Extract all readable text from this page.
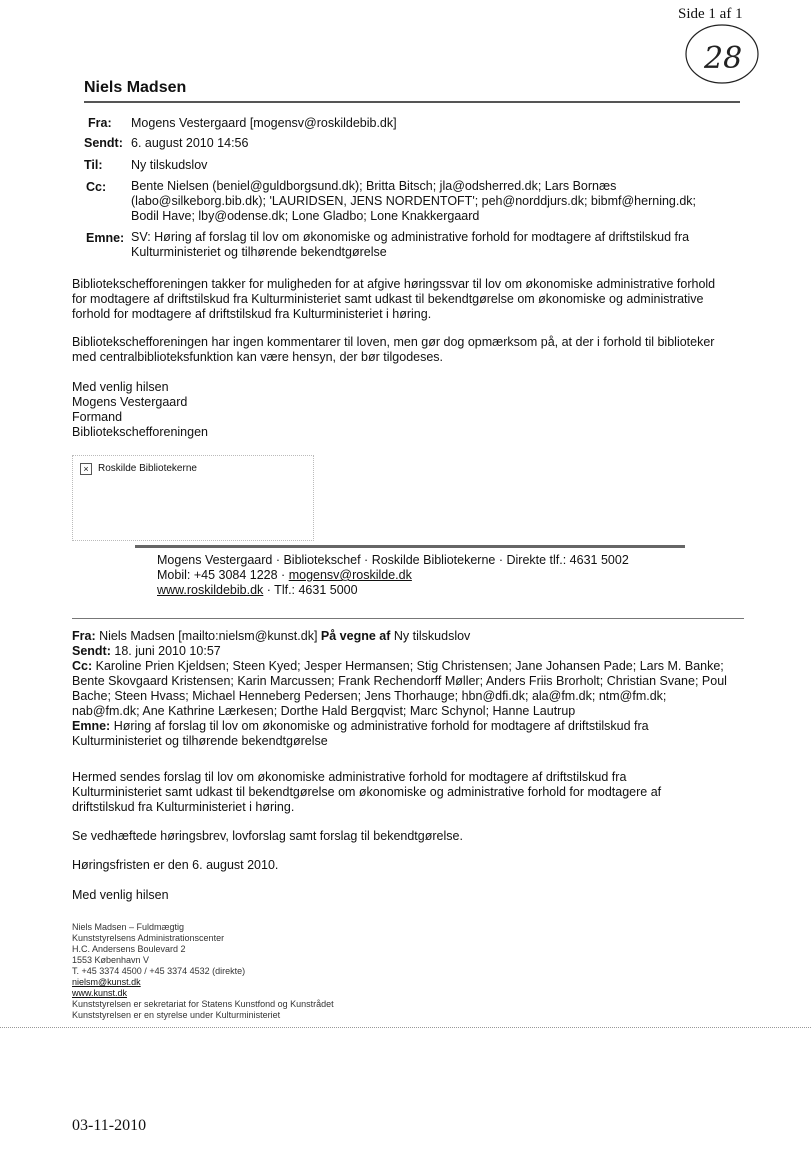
Side 1 af 1
28
Niels Madsen
Fra: Mogens Vestergaard [mogensv@roskildebib.dk]
Sendt: 6. august 2010 14:56
Til: Ny tilskudslov
Cc: Bente Nielsen (beniel@guldborgsund.dk); Britta Bitsch; jla@odsherred.dk; Lars Bornæs
(labo@silkeborg.bib.dk); 'LAURIDSEN, JENS NORDENTOFT'; peh@norddjurs.dk; bibmf@herning.dk;
Bodil Have; lby@odense.dk; Lone Gladbo; Lone Knakkergaard
Emne: SV: Høring af forslag til lov om økonomiske og administrative forhold for modtagere af driftstilskud fra
Kulturministeriet og tilhørende bekendtgørelse
Bibliotekschefforeningen takker for muligheden for at afgive høringssvar til lov om økonomiske administrative forhold
for modtagere af driftstilskud fra Kulturministeriet samt udkast til bekendtgørelse om økonomiske og administrative
forhold for modtagere af driftstilskud fra Kulturministeriet i høring.
Bibliotekschefforeningen har ingen kommentarer til loven, men gør dog opmærksom på, at der i forhold til biblioteker
med centralbiblioteksfunktion kan være hensyn, der bør tilgodeses.
Med venlig hilsen
Mogens Vestergaard
Formand
Bibliotekschefforeningen
× Roskilde Bibliotekerne
Mogens Vestergaard · Bibliotekschef · Roskilde Bibliotekerne · Direkte tlf.: 4631 5002
Mobil: +45 3084 1228 · mogensv@roskilde.dk
www.roskildebib.dk · Tlf.: 4631 5000
Fra: Niels Madsen [mailto:nielsm@kunst.dk] På vegne af Ny tilskudslov
Sendt: 18. juni 2010 10:57
Cc: Karoline Prien Kjeldsen; Steen Kyed; Jesper Hermansen; Stig Christensen; Jane Johansen Pade; Lars M. Banke;
Bente Skovgaard Kristensen; Karin Marcussen; Frank Rechendorff Møller; Anders Friis Brorholt; Christian Svane; Poul
Bache; Steen Hvass; Michael Henneberg Pedersen; Jens Thorhauge; hbn@dfi.dk; ala@fm.dk; ntm@fm.dk;
nab@fm.dk; Ane Kathrine Lærkesen; Dorthe Hald Bergqvist; Marc Schynol; Hanne Lautrup
Emne: Høring af forslag til lov om økonomiske og administrative forhold for modtagere af driftstilskud fra
Kulturministeriet og tilhørende bekendtgørelse
Hermed sendes forslag til lov om økonomiske administrative forhold for modtagere af driftstilskud fra
Kulturministeriet samt udkast til bekendtgørelse om økonomiske og administrative forhold for modtagere af
driftstilskud fra Kulturministeriet i høring.
Se vedhæftede høringsbrev, lovforslag samt forslag til bekendtgørelse.
Høringsfristen er den 6. august 2010.
Med venlig hilsen
Niels Madsen – Fuldmægtig
Kunststyrelsens Administrationscenter
H.C. Andersens Boulevard 2
1553 København V
T. +45 3374 4500 / +45 3374 4532 (direkte)
nielsm@kunst.dk
www.kunst.dk
Kunststyrelsen er sekretariat for Statens Kunstfond og Kunstrådet
Kunststyrelsen er en styrelse under Kulturministeriet
03-11-2010
